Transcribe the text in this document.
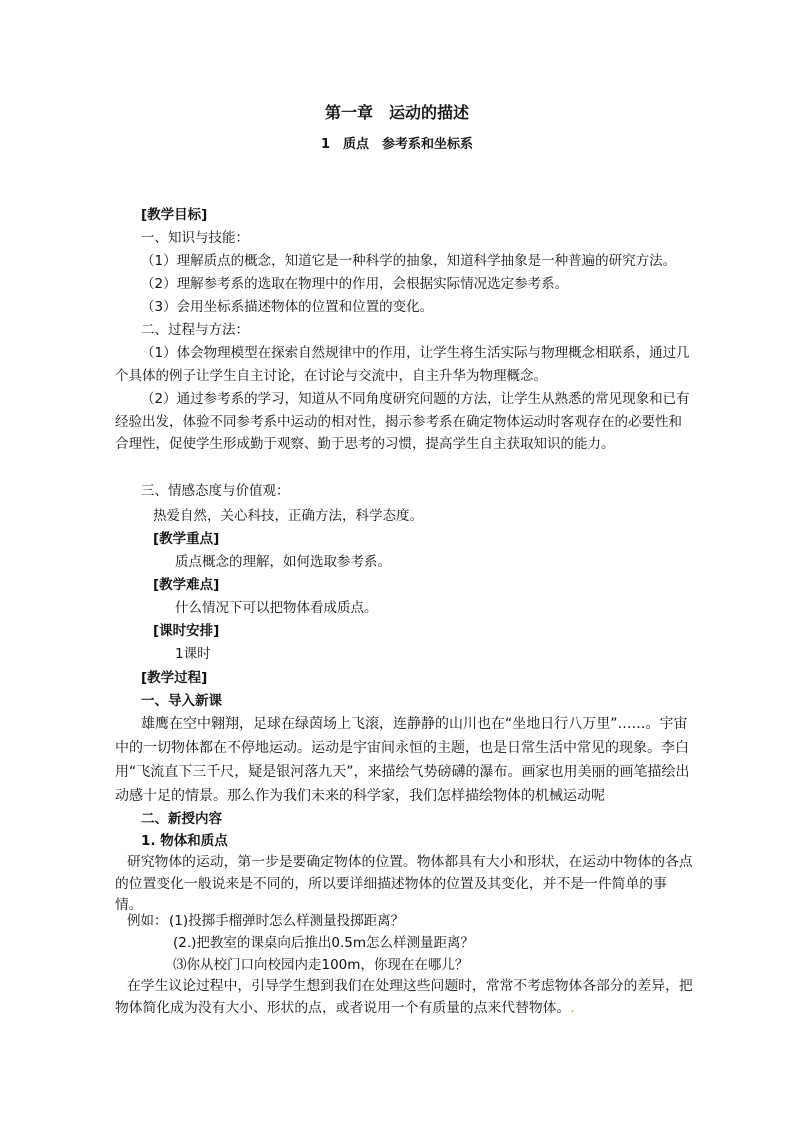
第一章　运动的描述
1　质点　参考系和坐标系
[教学目标]
一、知识与技能：
（1）理解质点的概念，知道它是一种科学的抽象，知道科学抽象是一种普遍的研究方法。
（2）理解参考系的选取在物理中的作用，会根据实际情况选定参考系。
（3）会用坐标系描述物体的位置和位置的变化。
二、过程与方法：
（1）体会物理模型在探索自然规律中的作用，让学生将生活实际与物理概念相联系，通过几个具体的例子让学生自主讨论，在讨论与交流中，自主升华为物理概念。
（2）通过参考系的学习，知道从不同角度研究问题的方法，让学生从熟悉的常见现象和已有经验出发，体验不同参考系中运动的相对性，揭示参考系在确定物体运动时客观存在的必要性和合理性，促使学生形成勤于观察、勤于思考的习惯，提高学生自主获取知识的能力。
三、情感态度与价值观：
热爱自然，关心科技，正确方法，科学态度。
[教学重点]
质点概念的理解，如何选取参考系。
[教学难点]
什么情况下可以把物体看成质点。
[课时安排]
1课时
[教学过程]
一、导入新课
雄鹰在空中翱翔，足球在绿茵场上飞滚，连静静的山川也在“坐地日行八万里”……。宇宙中的一切物体都在不停地运动。运动是宇宙间永恒的主题，也是日常生活中常见的现象。李白用“飞流直下三千尺，疑是银河落九天”，来描绘气势磅礴的瀑布。画家也用美丽的画笔描绘出动感十足的情景。那么作为我们未来的科学家，我们怎样描绘物体的机械运动呢
二、新授内容
1. 物体和质点
研究物体的运动，第一步是要确定物体的位置。物体都具有大小和形状，在运动中物体的各点的位置变化一般说来是不同的，所以要详细描述物体的位置及其变化，并不是一件简单的事情。
例如： (1)投掷手榴弹时怎么样测量投掷距离？
(2.)把教室的课桌向后推出0.5m怎么样测量距离？
⑶你从校门口向校园内走100m，你现在在哪儿？
在学生议论过程中，引导学生想到我们在处理这些问题时，常常不考虑物体各部分的差异，把物体简化成为没有大小、形状的点，或者说用一个有质量的点来代替物体。.
